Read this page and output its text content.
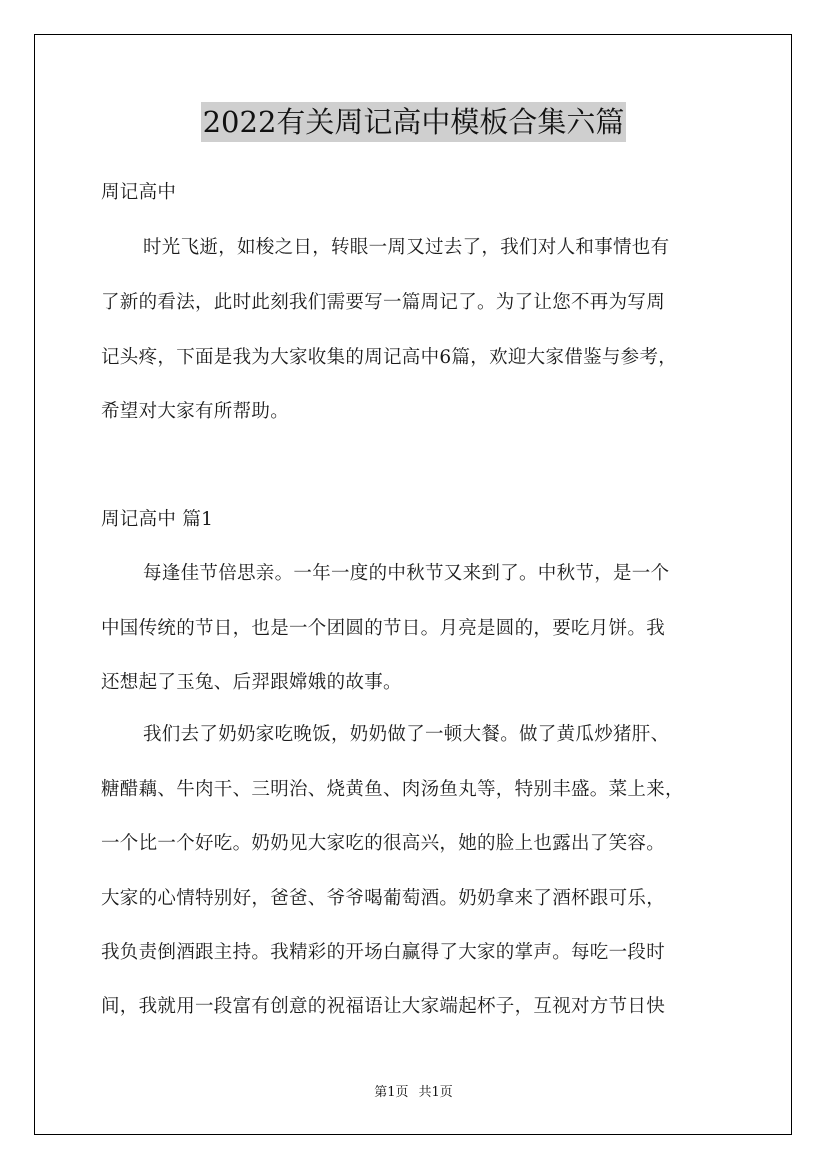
2022有关周记高中模板合集六篇
周记高中
时光飞逝，如梭之日，转眼一周又过去了，我们对人和事情也有
了新的看法，此时此刻我们需要写一篇周记了。为了让您不再为写周
记头疼，下面是我为大家收集的周记高中6篇，欢迎大家借鉴与参考，
希望对大家有所帮助。
周记高中 篇1
每逢佳节倍思亲。一年一度的中秋节又来到了。中秋节，是一个
中国传统的节日，也是一个团圆的节日。月亮是圆的，要吃月饼。我
还想起了玉兔、后羿跟嫦娥的故事。
我们去了奶奶家吃晚饭，奶奶做了一顿大餐。做了黄瓜炒猪肝、
糖醋藕、牛肉干、三明治、烧黄鱼、肉汤鱼丸等，特别丰盛。菜上来，
一个比一个好吃。奶奶见大家吃的很高兴，她的脸上也露出了笑容。
大家的心情特别好，爸爸、爷爷喝葡萄酒。奶奶拿来了酒杯跟可乐，
我负责倒酒跟主持。我精彩的开场白赢得了大家的掌声。每吃一段时
间，我就用一段富有创意的祝福语让大家端起杯子，互视对方节日快
第1页 共1页
